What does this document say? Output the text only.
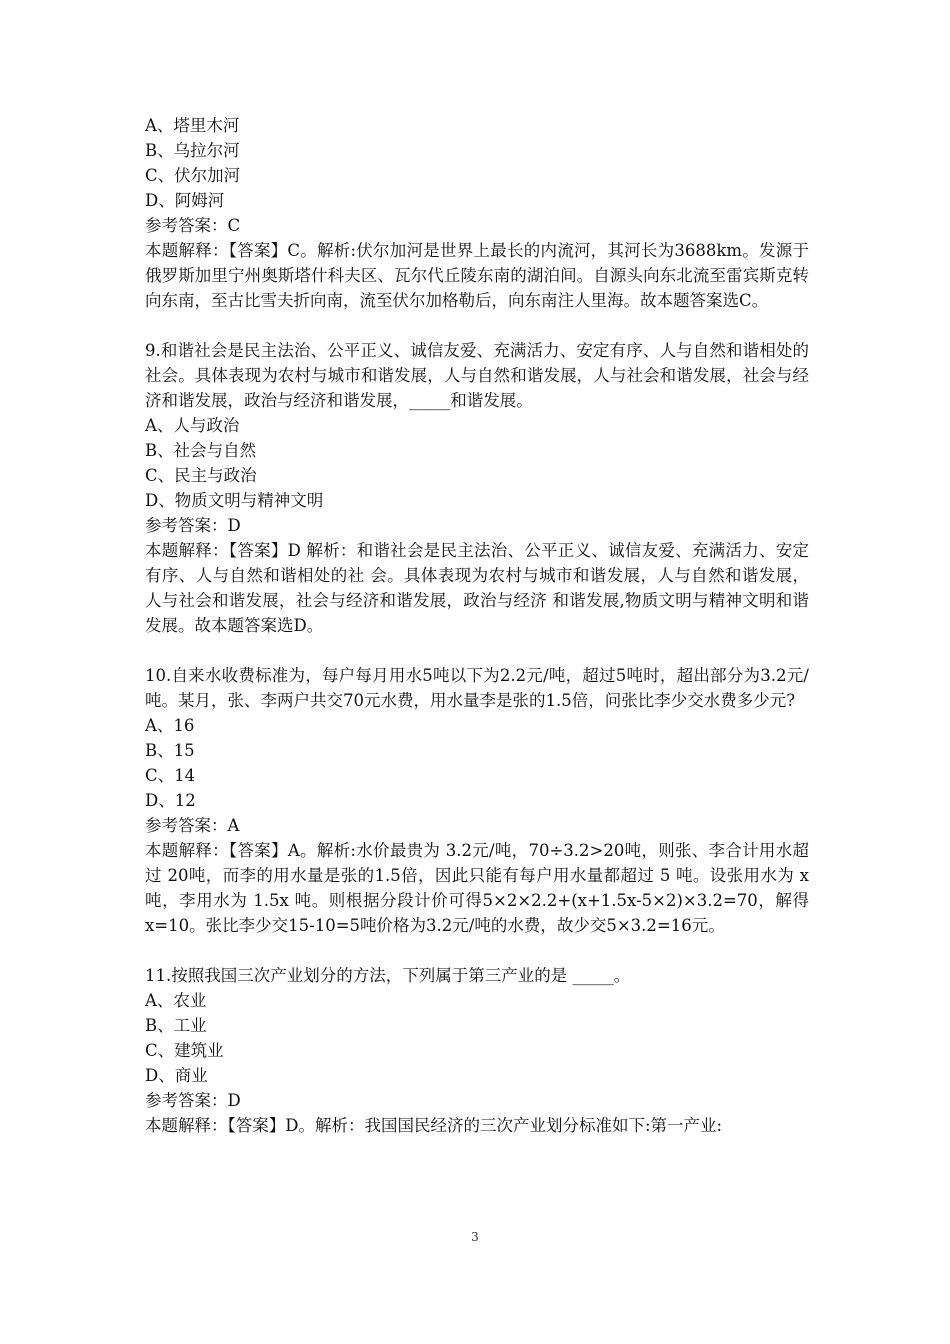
A、塔里木河
B、乌拉尔河
C、伏尔加河
D、阿姆河
参考答案：C
本题解释：【答案】C。解析:伏尔加河是世界上最长的内流河，其河长为3688km。发源于俄罗斯加里宁州奥斯塔什科夫区、瓦尔代丘陵东南的湖泊间。自源头向东北流至雷宾斯克转向东南，至古比雪夫折向南，流至伏尔加格勒后，向东南注人里海。故本题答案选C。
9.和谐社会是民主法治、公平正义、诚信友爱、充满活力、安定有序、人与自然和谐相处的社会。具体表现为农村与城市和谐发展，人与自然和谐发展，人与社会和谐发展，社会与经济和谐发展，政治与经济和谐发展，_____和谐发展。
A、人与政治
B、社会与自然
C、民主与政治
D、物质文明与精神文明
参考答案：D
本题解释：【答案】D 解析：和谐社会是民主法治、公平正义、诚信友爱、充满活力、安定有序、人与自然和谐相处的社 会。具体表现为农村与城市和谐发展，人与自然和谐发展，人与社会和谐发展，社会与经济和谐发展，政治与经济 和谐发展,物质文明与精神文明和谐发展。故本题答案选D。
10.自来水收费标准为，每户每月用水5吨以下为2.2元/吨，超过5吨时，超出部分为3.2元/吨。某月，张、李两户共交70元水费，用水量李是张的1.5倍，问张比李少交水费多少元?
A、16
B、15
C、14
D、12
参考答案：A
本题解释：【答案】A。解析:水价最贵为 3.2元/吨，70÷3.2>20吨，则张、李合计用水超过 20吨，而李的用水量是张的1.5倍，因此只能有每户用水量都超过 5 吨。设张用水为 x 吨，李用水为 1.5x 吨。则根据分段计价可得5×2×2.2+(x+1.5x-5×2)×3.2=70，解得x=10。张比李少交15-10=5吨价格为3.2元/吨的水费，故少交5×3.2=16元。
11.按照我国三次产业划分的方法，下列属于第三产业的是 _____。
A、农业
B、工业
C、建筑业
D、商业
参考答案：D
本题解释：【答案】D。解析：我国国民经济的三次产业划分标准如下:第一产业:
3
